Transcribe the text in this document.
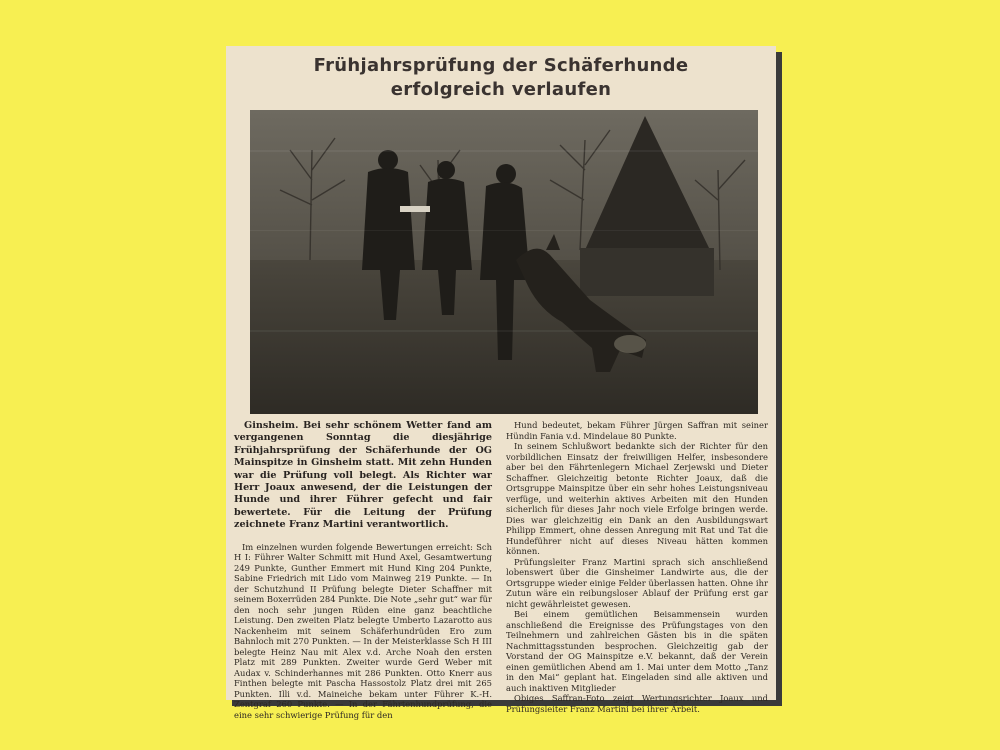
Frühjahrsprüfung der Schäferhunde
erfolgreich verlaufen

Ginsheim. Bei sehr schönem Wetter fand am vergangenen Sonntag die diesjährige Frühjahrsprüfung der Schäferhunde der OG Mainspitze in Ginsheim statt. Mit zehn Hunden war die Prüfung voll belegt. Als Richter war Herr Joaux anwesend, der die Leistungen der Hunde und ihrer Führer gefecht und fair bewertete. Für die Leitung der Prüfung zeichnete Franz Martini verantwortlich.

Im einzelnen wurden folgende Bewertungen erreicht: Sch H I: Führer Walter Schmitt mit Hund Axel, Gesamtwertung 249 Punkte, Gunther Emmert mit Hund King 204 Punkte, Sabine Friedrich mit Lido vom Mainweg 219 Punkte. — In der Schutzhund II Prüfung belegte Dieter Schaffner mit seinem Boxerrüden 284 Punkte. Die Note „sehr gut“ war für den noch sehr jungen Rüden eine ganz beachtliche Leistung. Den zweiten Platz belegte Umberto Lazarotto aus Nackenheim mit seinem Schäferhundrüden Ero zum Bahnloch mit 270 Punkten. — In der Meisterklasse Sch H III belegte Heinz Nau mit Alex v.d. Arche Noah den ersten Platz mit 289 Punkten. Zweiter wurde Gerd Weber mit Audax v. Schinderhannes mit 286 Punkten. Otto Knerr aus Finthen belegte mit Pascha Hassostolz Platz drei mit 265 Punkten. Illi v.d. Maineiche bekam unter Führer K.-H. Zentgraf 260 Punkte. — In der Fährtenhundprüfung, die eine sehr schwierige Prüfung für den

Hund bedeutet, bekam Führer Jürgen Saffran mit seiner Hündin Fania v.d. Mindelaue 80 Punkte.

In seinem Schlußwort bedankte sich der Richter für den vorbildlichen Einsatz der freiwilligen Helfer, insbesondere aber bei den Fährtenlegern Michael Zerjewski und Dieter Schaffner. Gleichzeitig betonte Richter Joaux, daß die Ortsgruppe Mainspitze über ein sehr hohes Leistungsniveau verfüge, und weiterhin aktives Arbeiten mit den Hunden sicherlich für dieses Jahr noch viele Erfolge bringen werde. Dies war gleichzeitig ein Dank an den Ausbildungswart Philipp Emmert, ohne dessen Anregung mit Rat und Tat die Hundeführer nicht auf dieses Niveau hätten kommen können.

Prüfungsleiter Franz Martini sprach sich anschließend lobenswert über die Ginsheimer Landwirte aus, die der Ortsgruppe wieder einige Felder überlassen hatten. Ohne ihr Zutun wäre ein reibungsloser Ablauf der Prüfung erst gar nicht gewährleistet gewesen.

Bei einem gemütlichen Beisammensein wurden anschließend die Ereignisse des Prüfungstages von den Teilnehmern und zahlreichen Gästen bis in die späten Nachmittagsstunden besprochen. Gleichzeitig gab der Vorstand der OG Mainspitze e.V. bekannt, daß der Verein einen gemütlichen Abend am 1. Mai unter dem Motto „Tanz in den Mai“ geplant hat. Eingeladen sind alle aktiven und auch inaktiven Mitglieder

Obiges Saffran-Foto zeigt Wertungsrichter Joaux und Prüfungsleiter Franz Martini bei ihrer Arbeit.
